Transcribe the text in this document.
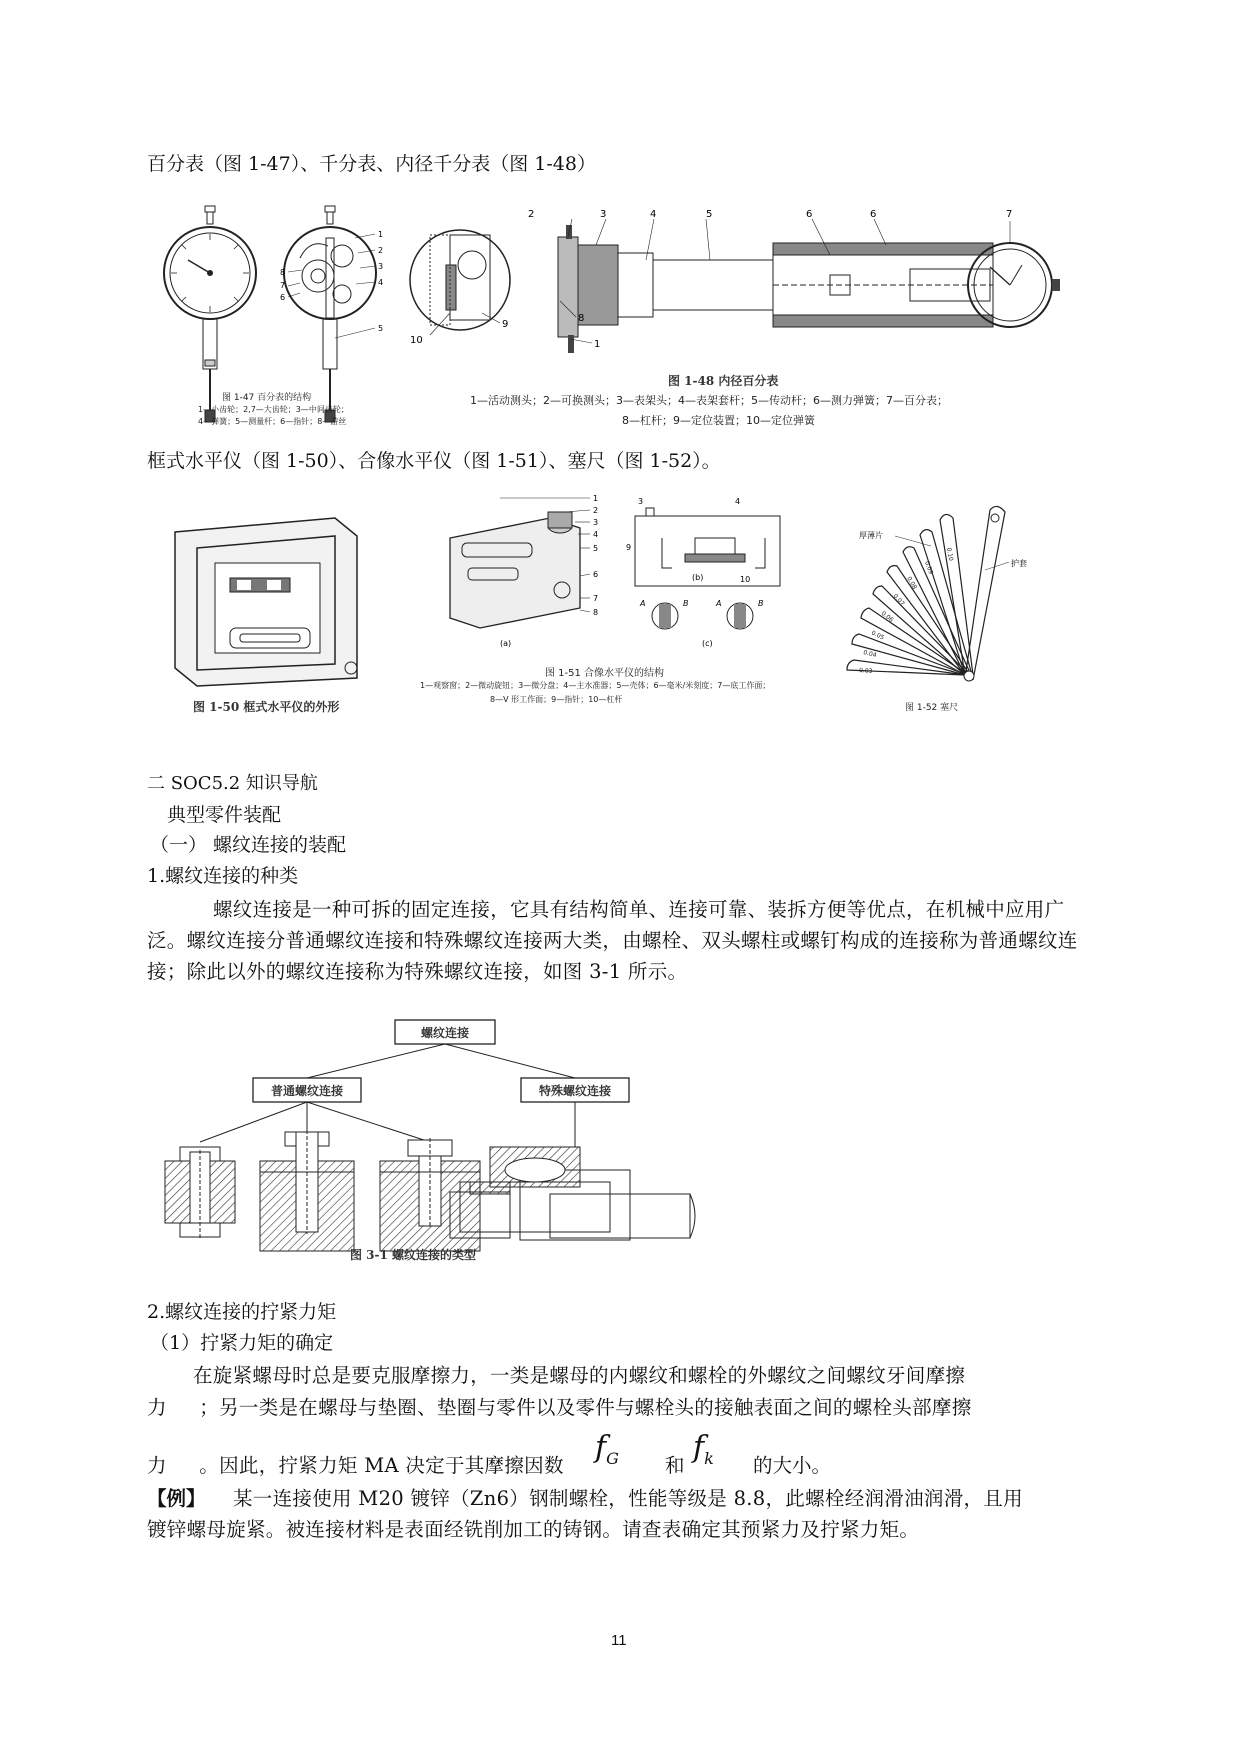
百分表（图 1-47）、千分表、内径千分表（图 1-48）
1
2
3
4
5
6
7
8
图 1-47 百分表的结构
1—小齿轮；2,7—大齿轮；3—中间齿轮；
4—弹簧；5—测量杆；6—指针；8—游丝
10
9
2	3	4	5	6	6	7
8
1
图 1-48 内径百分表
1—活动测头；2—可换测头；3—表架头；4—表架套杆；5—传动杆；6—测力弹簧；7—百分表；
8—杠杆；9—定位装置；10—定位弹簧
框式水平仪（图 1-50）、合像水平仪（图 1-51）、塞尺（图 1-52）。
图 1-50 框式水平仪的外形
1
2
3
4
5
6
7
8
(a)
3	4
9
10
(b)
A	B	A	B
(c)
图 1-51 合像水平仪的结构
1—观察窗；2—微动旋钮；3—微分盘；4—主水准器；5—壳体；6—毫米/米刻度；7—底工作面；
8—V 形工作面；9—指针；10—杠杆
厚薄片
护套
0.10
0.09
0.08
0.07
0.06
0.05
0.04
0.03
图 1-52 塞尺
二 SOC5.2 知识导航
典型零件装配
（一） 螺纹连接的装配
1.螺纹连接的种类
螺纹连接是一种可拆的固定连接，它具有结构简单、连接可靠、装拆方便等优点，在机械中应用广泛。螺纹连接分普通螺纹连接和特殊螺纹连接两大类，由螺栓、双头螺柱或螺钉构成的连接称为普通螺纹连接；除此以外的螺纹连接称为特殊螺纹连接，如图 3-1 所示。
螺纹连接
普通螺纹连接	特殊螺纹连接
图 3-1 螺纹连接的类型
2.螺纹连接的拧紧力矩
（1）拧紧力矩的确定
在旋紧螺母时总是要克服摩擦力，一类是螺母的内螺纹和螺栓的外螺纹之间螺纹牙间摩擦
力     ；另一类是在螺母与垫圈、垫圈与零件以及零件与螺栓头的接触表面之间的螺栓头部摩擦
力     。因此，拧紧力矩 MA 决定于其摩擦因数
$f_G$ 和
$f_k$ 的大小。
【例】 某一连接使用 M20 镀锌（Zn6）钢制螺栓，性能等级是 8.8，此螺栓经润滑油润滑，且用
镀锌螺母旋紧。被连接材料是表面经铣削加工的铸钢。请查表确定其预紧力及拧紧力矩。
11
